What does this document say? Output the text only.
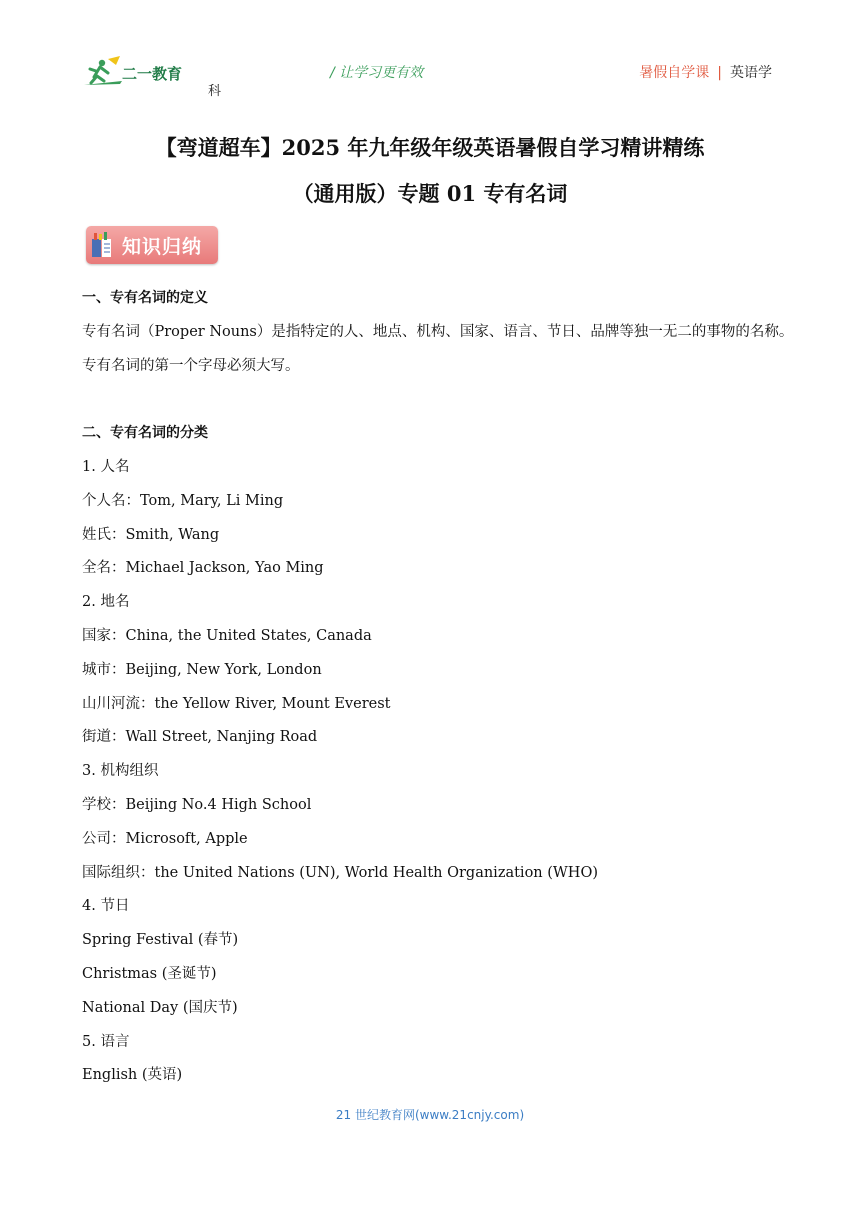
二一教育
科
/ 让学习更有效	暑假自学课 | 英语学
【弯道超车】2025 年九年级年级英语暑假自学习精讲精练
（通用版）专题 01 专有名词
知识归纳
一、专有名词的定义
专有名词（Proper Nouns）是指特定的人、地点、机构、国家、语言、节日、品牌等独一无二的事物的名称。
专有名词的第一个字母必须大写。
二、专有名词的分类
1. 人名
个人名：Tom, Mary, Li Ming
姓氏：Smith, Wang
全名：Michael Jackson, Yao Ming
2. 地名
国家：China, the United States, Canada
城市：Beijing, New York, London
山川河流：the Yellow River, Mount Everest
街道：Wall Street, Nanjing Road
3. 机构组织
学校：Beijing No.4 High School
公司：Microsoft, Apple
国际组织：the United Nations (UN), World Health Organization (WHO)
4. 节日
Spring Festival (春节)
Christmas (圣诞节)
National Day (国庆节)
5. 语言
English (英语)
21 世纪教育网(www.21cnjy.com)
